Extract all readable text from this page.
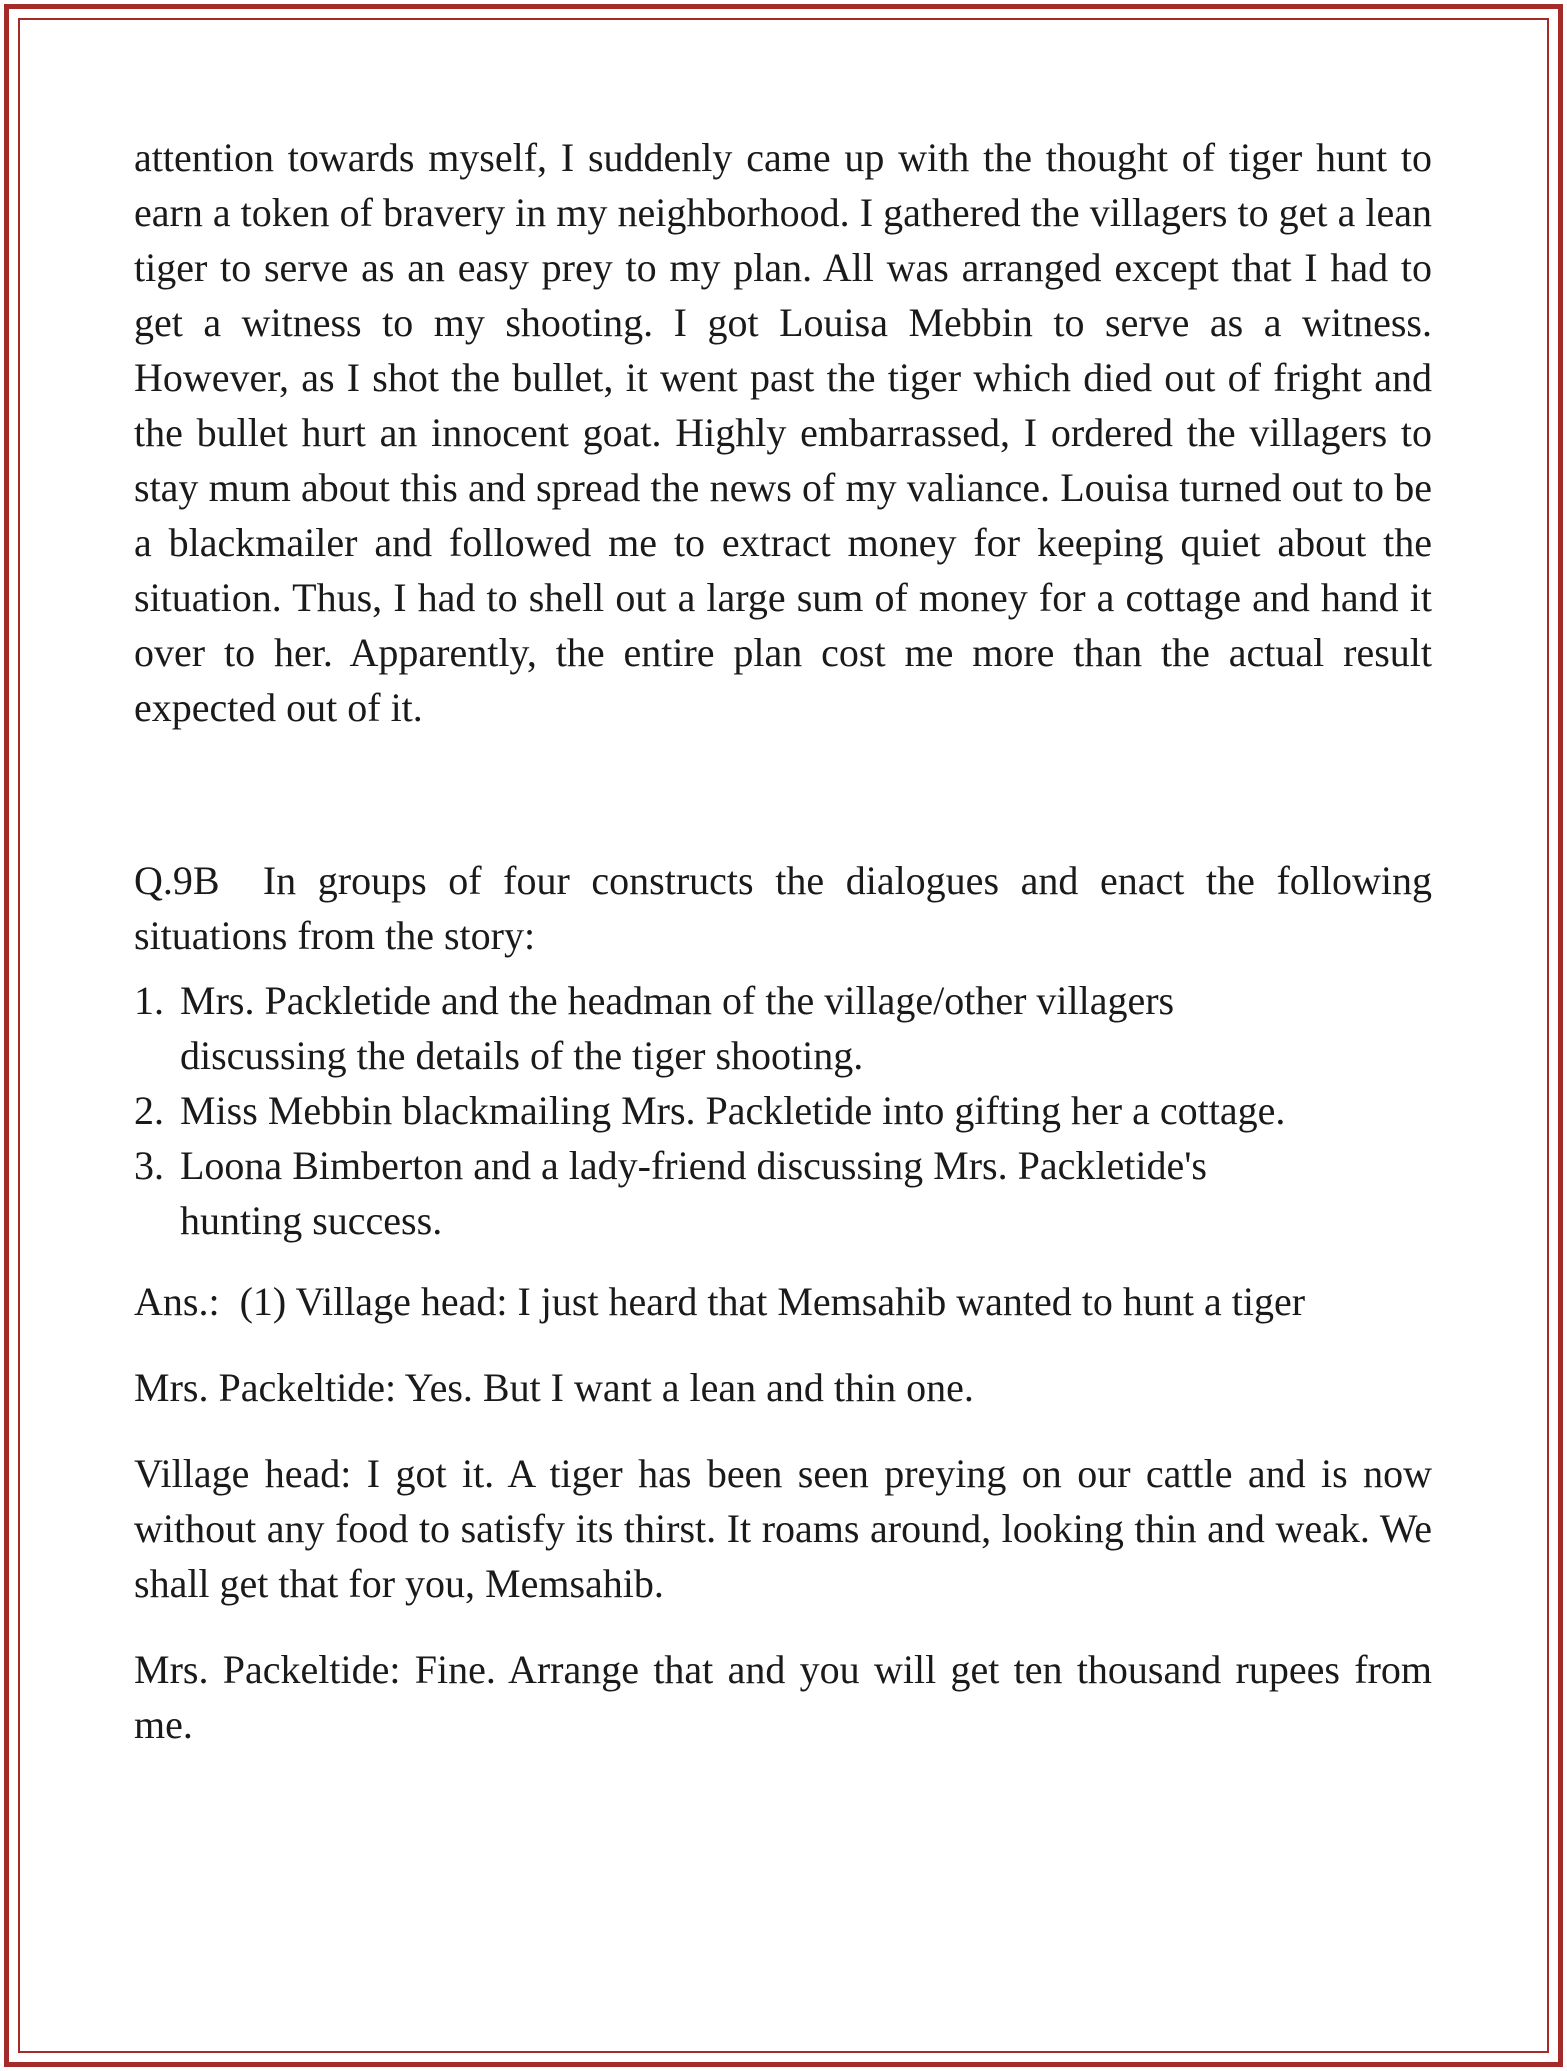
attention towards myself, I suddenly came up with the thought of tiger hunt to earn a token of bravery in my neighborhood. I gathered the villagers to get a lean tiger to serve as an easy prey to my plan. All was arranged except that I had to get a witness to my shooting. I got Louisa Mebbin to serve as a witness. However, as I shot the bullet, it went past the tiger which died out of fright and the bullet hurt an innocent goat. Highly embarrassed, I ordered the villagers to stay mum about this and spread the news of my valiance. Louisa turned out to be a blackmailer and followed me to extract money for keeping quiet about the situation. Thus, I had to shell out a large sum of money for a cottage and hand it over to her. Apparently, the entire plan cost me more than the actual result expected out of it.

Q.9B In groups of four constructs the dialogues and enact the following situations from the story:

1. Mrs. Packletide and the headman of the village/other villagers discussing the details of the tiger shooting.
2. Miss Mebbin blackmailing Mrs. Packletide into gifting her a cottage.
3. Loona Bimberton and a lady-friend discussing Mrs. Packletide's hunting success.

Ans.:  (1) Village head: I just heard that Memsahib wanted to hunt a tiger

Mrs. Packeltide: Yes. But I want a lean and thin one.

Village head: I got it. A tiger has been seen preying on our cattle and is now without any food to satisfy its thirst. It roams around, looking thin and weak. We shall get that for you, Memsahib.

Mrs. Packeltide: Fine. Arrange that and you will get ten thousand rupees from me.
